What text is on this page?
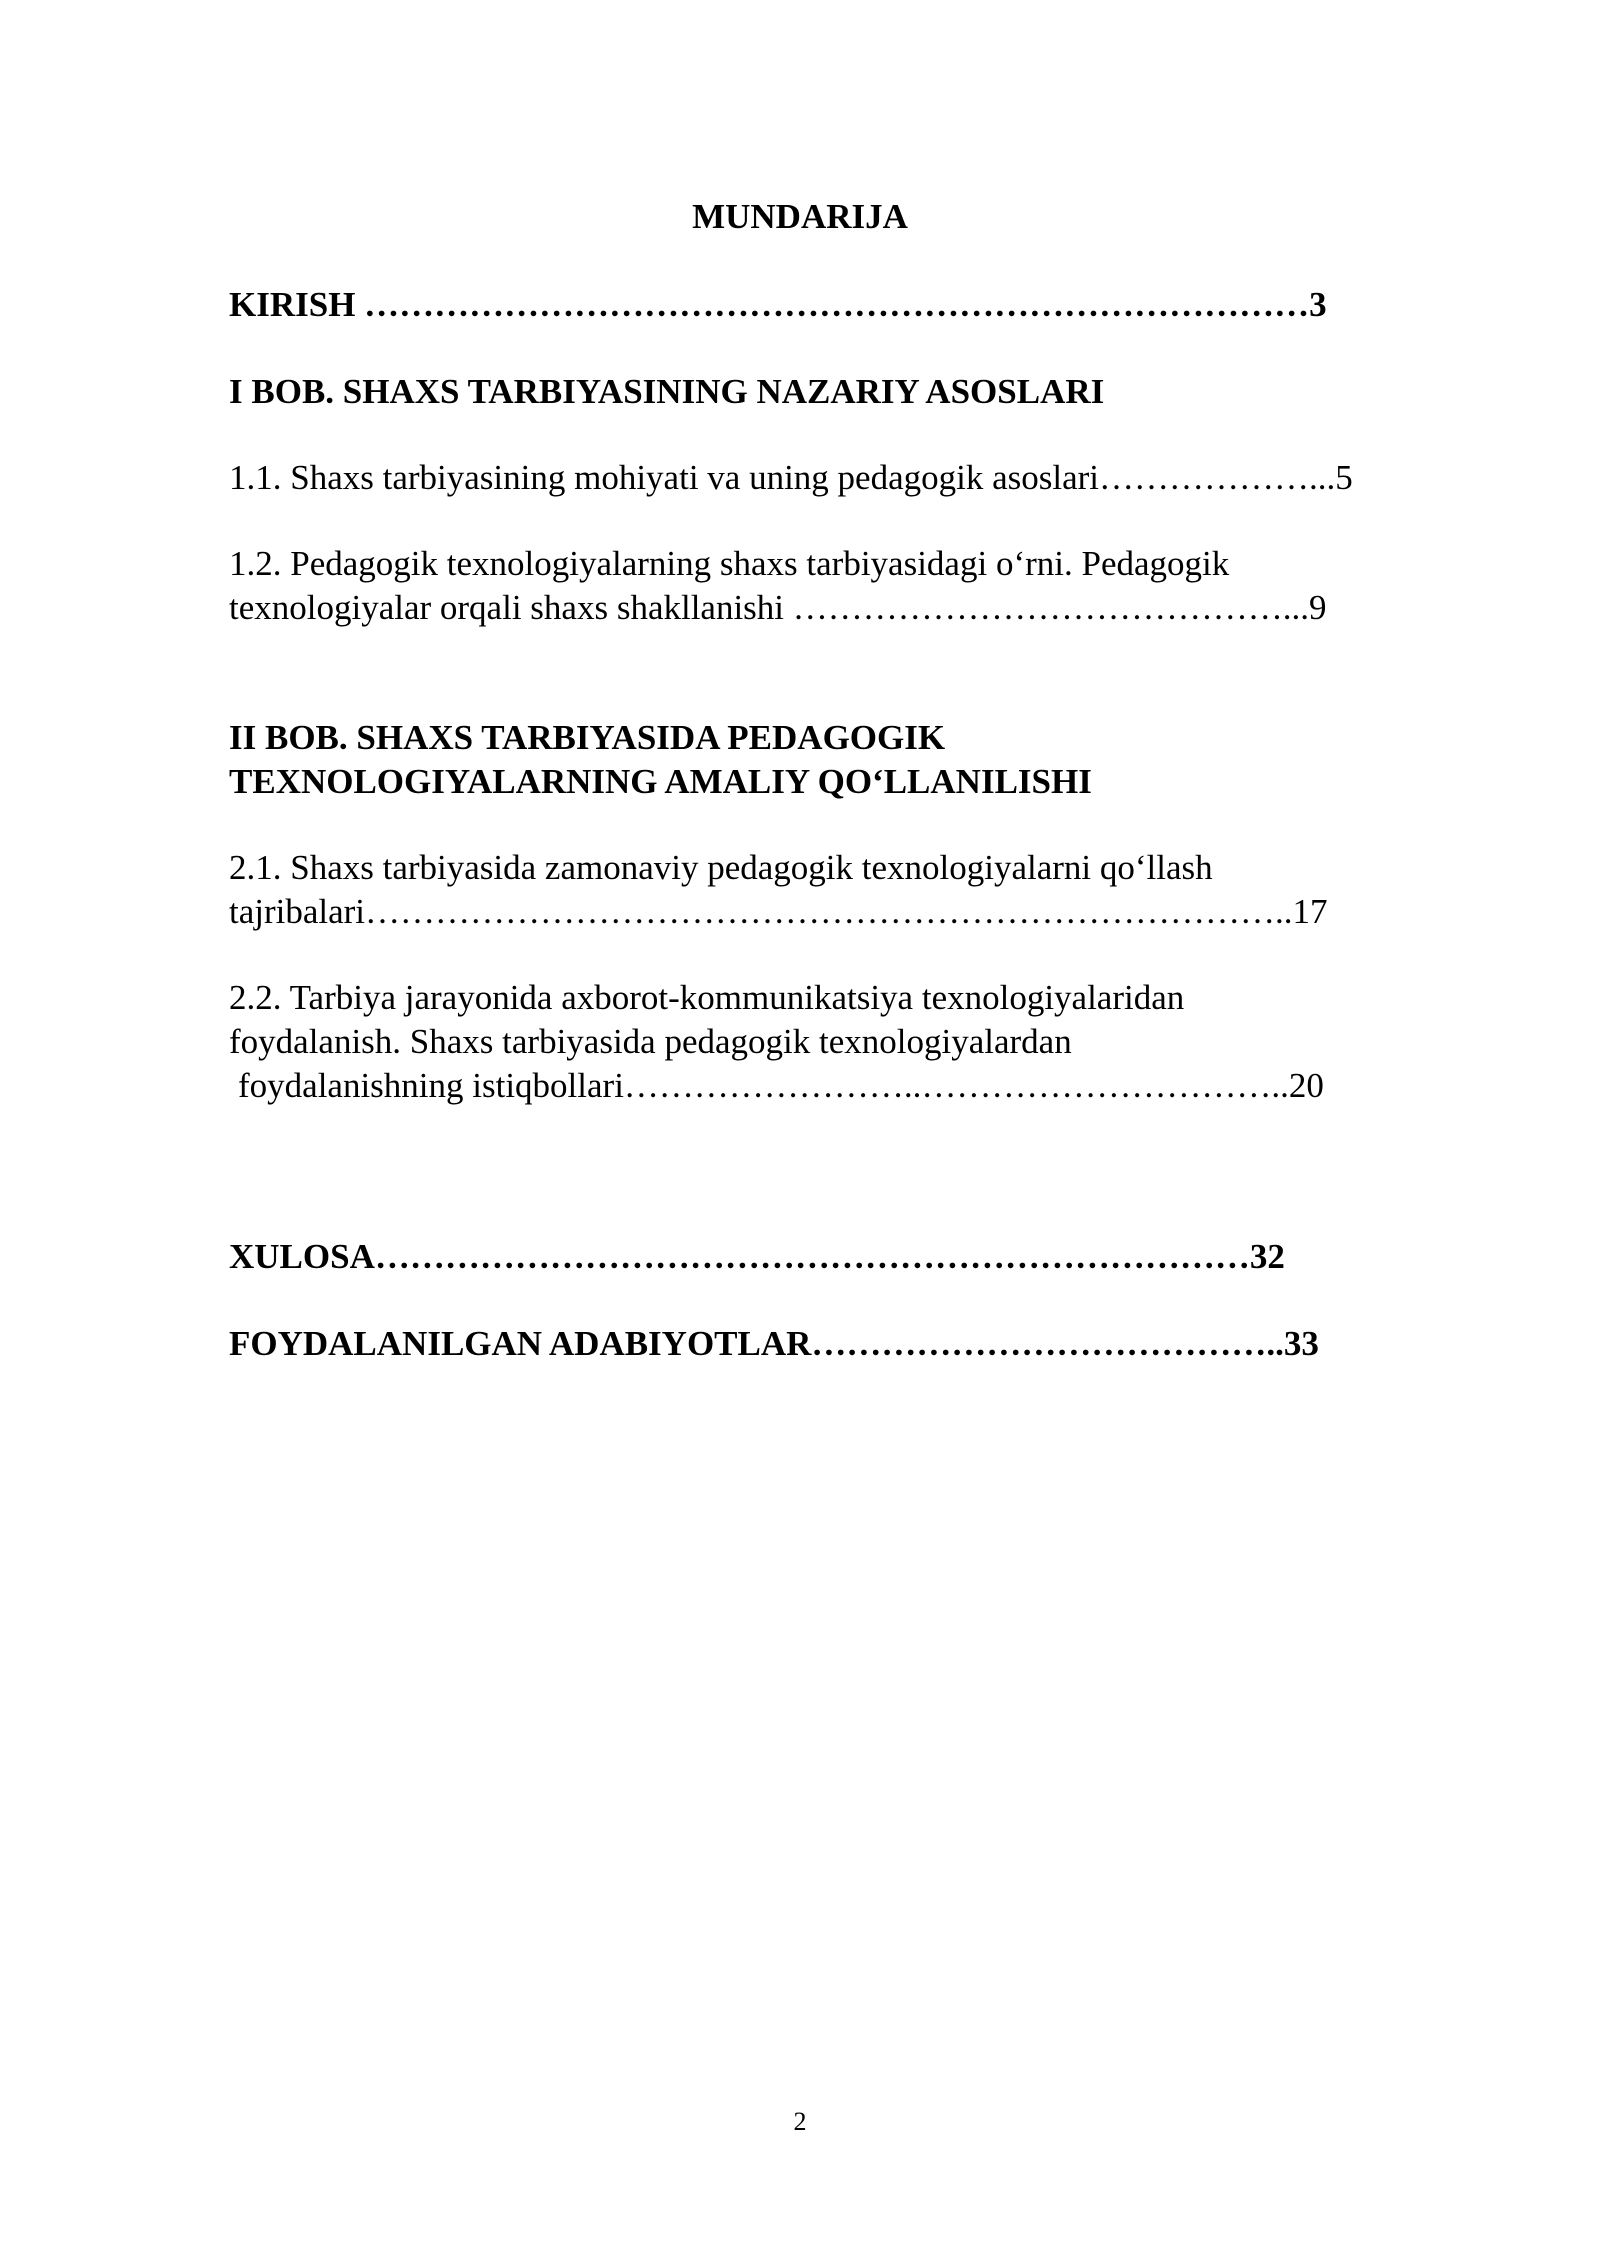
MUNDARIJA
KIRISH ………………………………………………………………………3
I BOB. SHAXS TARBIYASINING NAZARIY ASOSLARI
1.1. Shaxs tarbiyasining mohiyati va uning pedagogik asoslari………………...5
1.2. Pedagogik texnologiyalarning shaxs tarbiyasidagi o‘rni. Pedagogik
texnologiyalar orqali shaxs shakllanishi ……………………………………...9
II BOB. SHAXS TARBIYASIDA PEDAGOGIK
TEXNOLOGIYALARNING AMALIY QO‘LLANILISHI
2.1. Shaxs tarbiyasida zamonaviy pedagogik texnologiyalarni qo‘llash
tajribalari……………………………………………………………………..17
2.2. Tarbiya jarayonida axborot-kommunikatsiya texnologiyalaridan
foydalanish. Shaxs tarbiyasida pedagogik texnologiyalardan
foydalanishning istiqbollari……………………..…………………………..20
XULOSA…………………………………………………………………32
FOYDALANILGAN ADABIYOTLAR…………………………………..33
2
